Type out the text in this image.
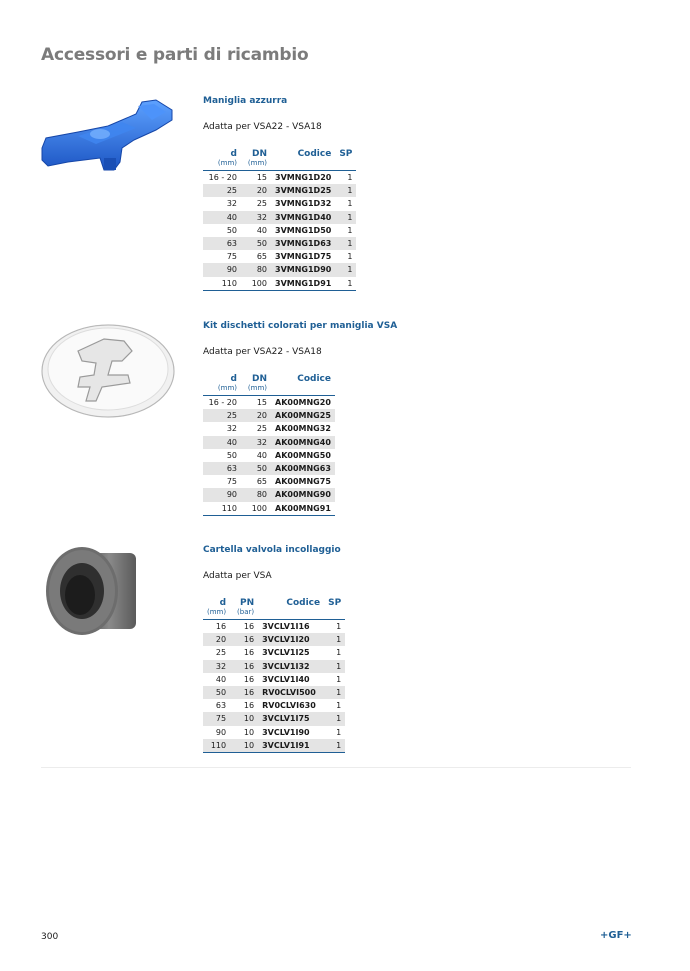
Accessori e parti di ricambio

Maniglia azzurra

Adatta per VSA22 - VSA18
d	DN	Codice	SP
(mm)	(mm)		
16 - 20	15	3VMNG1D20	1
25	20	3VMNG1D25	1
32	25	3VMNG1D32	1
40	32	3VMNG1D40	1
50	40	3VMNG1D50	1
63	50	3VMNG1D63	1
75	65	3VMNG1D75	1
90	80	3VMNG1D90	1
110	100	3VMNG1D91	1

Kit dischetti colorati per maniglia VSA

Adatta per VSA22 - VSA18
d	DN	Codice
(mm)	(mm)	
16 - 20	15	AK00MNG20
25	20	AK00MNG25
32	25	AK00MNG32
40	32	AK00MNG40
50	40	AK00MNG50
63	50	AK00MNG63
75	65	AK00MNG75
90	80	AK00MNG90
110	100	AK00MNG91

Cartella valvola incollaggio

Adatta per VSA
d	PN	Codice	SP
(mm)	(bar)		
16	16	3VCLV1I16	1
20	16	3VCLV1I20	1
25	16	3VCLV1I25	1
32	16	3VCLV1I32	1
40	16	3VCLV1I40	1
50	16	RV0CLVI500	1
63	16	RV0CLVI630	1
75	10	3VCLV1I75	1
90	10	3VCLV1I90	1
110	10	3VCLV1I91	1
300	+GF+
